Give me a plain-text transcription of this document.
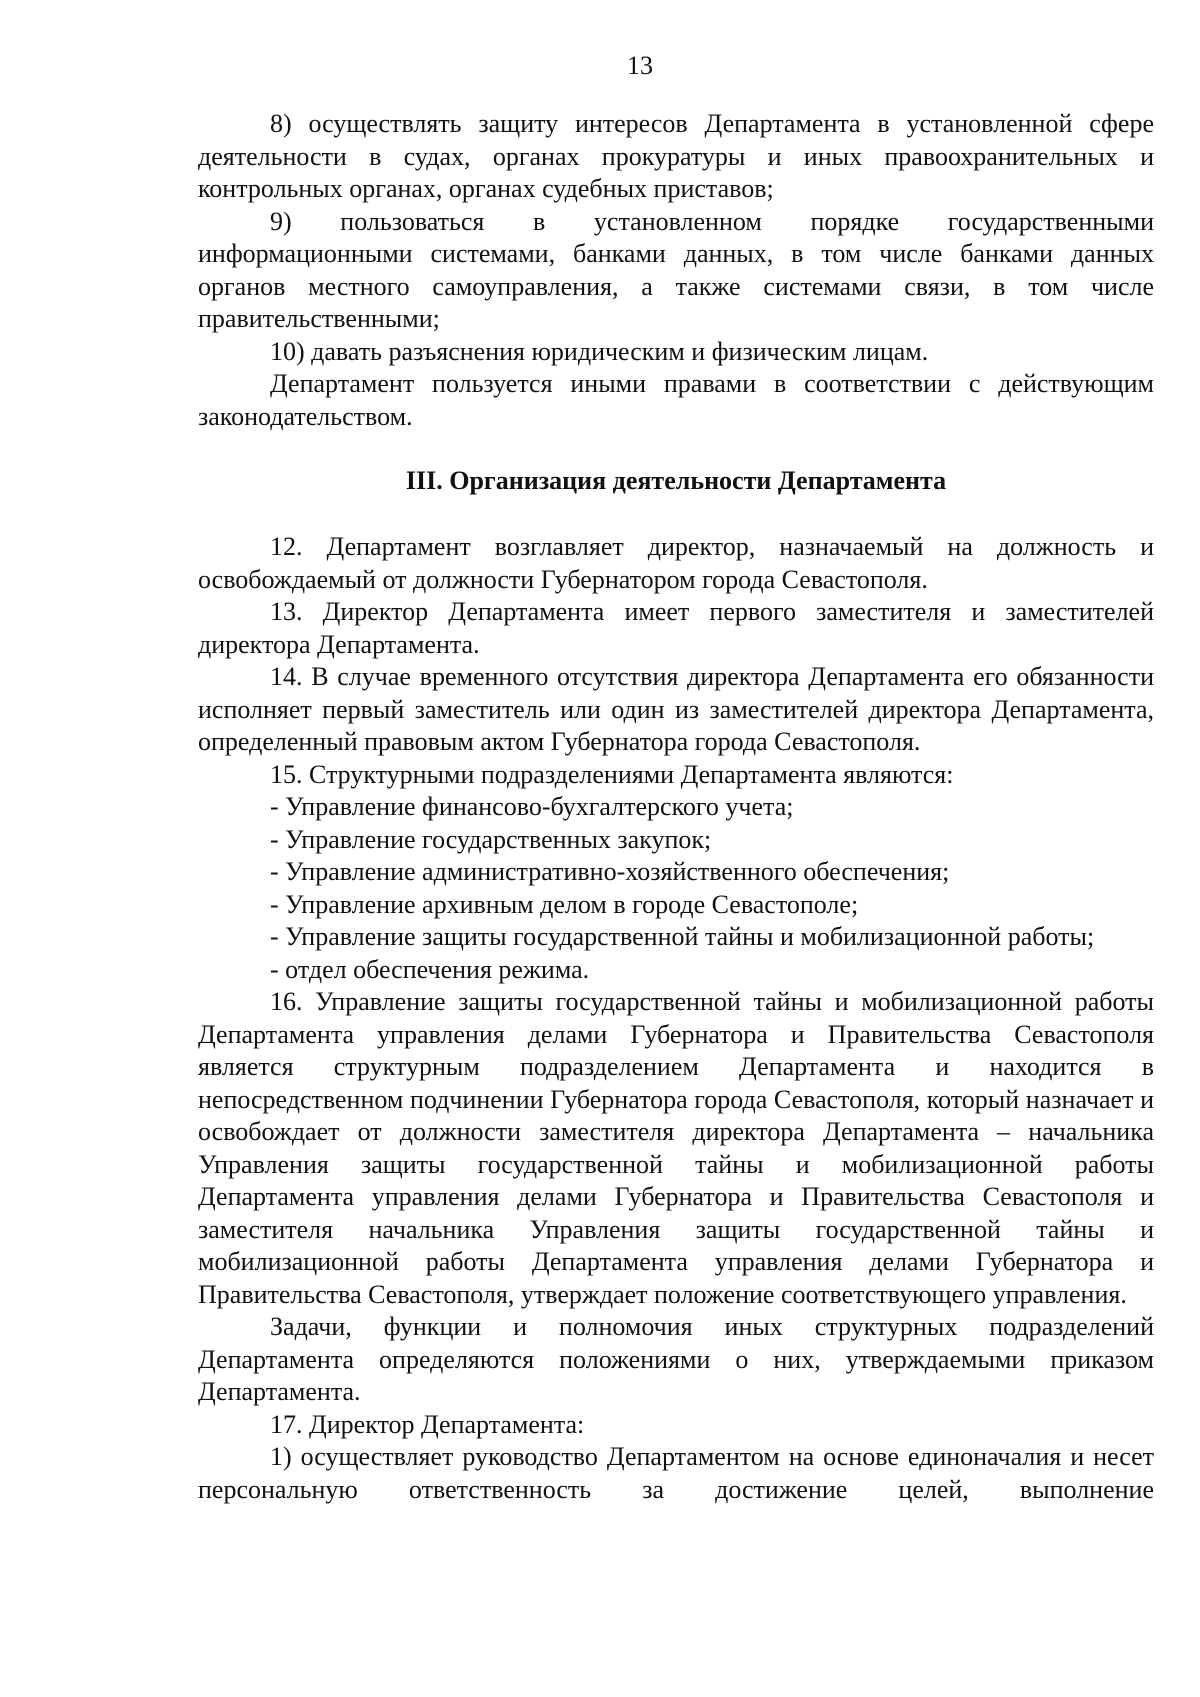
13

8) осуществлять защиту интересов Департамента в установленной сфере деятельности в судах, органах прокуратуры и иных правоохранительных и контрольных органах, органах судебных приставов;

9) пользоваться в установленном порядке государственными информационными системами, банками данных, в том числе банками данных органов местного самоуправления, а также системами связи, в том числе правительственными;

10) давать разъяснения юридическим и физическим лицам.

Департамент пользуется иными правами в соответствии с действующим законодательством.

III. Организация деятельности Департамента

12. Департамент возглавляет директор, назначаемый на должность и освобождаемый от должности Губернатором города Севастополя.

13. Директор Департамента имеет первого заместителя и заместителей директора Департамента.

14. В случае временного отсутствия директора Департамента его обязанности исполняет первый заместитель или один из заместителей директора Департамента, определенный правовым актом Губернатора города Севастополя.

15. Структурными подразделениями Департамента являются:

- Управление финансово-бухгалтерского учета;

- Управление государственных закупок;

- Управление административно-хозяйственного обеспечения;

- Управление архивным делом в городе Севастополе;

- Управление защиты государственной тайны и мобилизационной работы;

- отдел обеспечения режима.

16. Управление защиты государственной тайны и мобилизационной работы Департамента управления делами Губернатора и Правительства Севастополя является структурным подразделением Департамента и находится в непосредственном подчинении Губернатора города Севастополя, который назначает и освобождает от должности заместителя директора Департамента – начальника Управления защиты государственной тайны и мобилизационной работы Департамента управления делами Губернатора и Правительства Севастополя и заместителя начальника Управления защиты государственной тайны и мобилизационной работы Департамента управления делами Губернатора и Правительства Севастополя, утверждает положение соответствующего управления.

Задачи, функции и полномочия иных структурных подразделений Департамента определяются положениями о них, утверждаемыми приказом Департамента.

17. Директор Департамента:

1) осуществляет руководство Департаментом на основе единоначалия и несет персональную ответственность за достижение целей, выполнение
